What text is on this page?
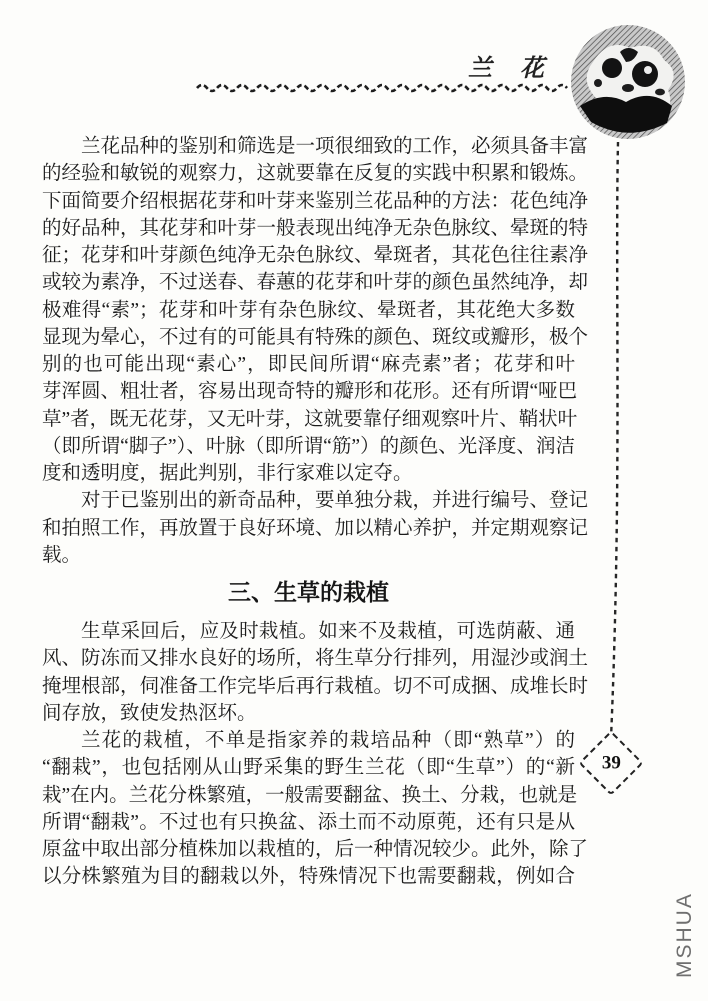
兰　花
39
兰花品种的鉴别和筛选是一项很细致的工作，必须具备丰富
的经验和敏锐的观察力，这就要靠在反复的实践中积累和锻炼。
下面简要介绍根据花芽和叶芽来鉴别兰花品种的方法：花色纯净
的好品种，其花芽和叶芽一般表现出纯净无杂色脉纹、晕斑的特
征；花芽和叶芽颜色纯净无杂色脉纹、晕斑者，其花色往往素净
或较为素净，不过送春、春蕙的花芽和叶芽的颜色虽然纯净，却
极难得“素”；花芽和叶芽有杂色脉纹、晕斑者，其花绝大多数
显现为晕心，不过有的可能具有特殊的颜色、斑纹或瓣形，极个
别的也可能出现“素心”，即民间所谓“麻壳素”者；花芽和叶
芽浑圆、粗壮者，容易出现奇特的瓣形和花形。还有所谓“哑巴
草”者，既无花芽，又无叶芽，这就要靠仔细观察叶片、鞘状叶
（即所谓“脚子”）、叶脉（即所谓“筋”）的颜色、光泽度、润洁
度和透明度，据此判别，非行家难以定夺。
对于已鉴别出的新奇品种，要单独分栽，并进行编号、登记
和拍照工作，再放置于良好环境、加以精心养护，并定期观察记
载。
三、生草的栽植
生草采回后，应及时栽植。如来不及栽植，可选荫蔽、通
风、防冻而又排水良好的场所，将生草分行排列，用湿沙或润土
掩埋根部，伺准备工作完毕后再行栽植。切不可成捆、成堆长时
间存放，致使发热沤坏。
兰花的栽植，不单是指家养的栽培品种（即“熟草”）的
“翻栽”，也包括刚从山野采集的野生兰花（即“生草”）的“新
栽”在内。兰花分株繁殖，一般需要翻盆、换土、分栽，也就是
所谓“翻栽”。不过也有只换盆、添土而不动原蔸，还有只是从
原盆中取出部分植株加以栽植的，后一种情况较少。此外，除了
以分株繁殖为目的翻栽以外，特殊情况下也需要翻栽，例如合
MSHUA
